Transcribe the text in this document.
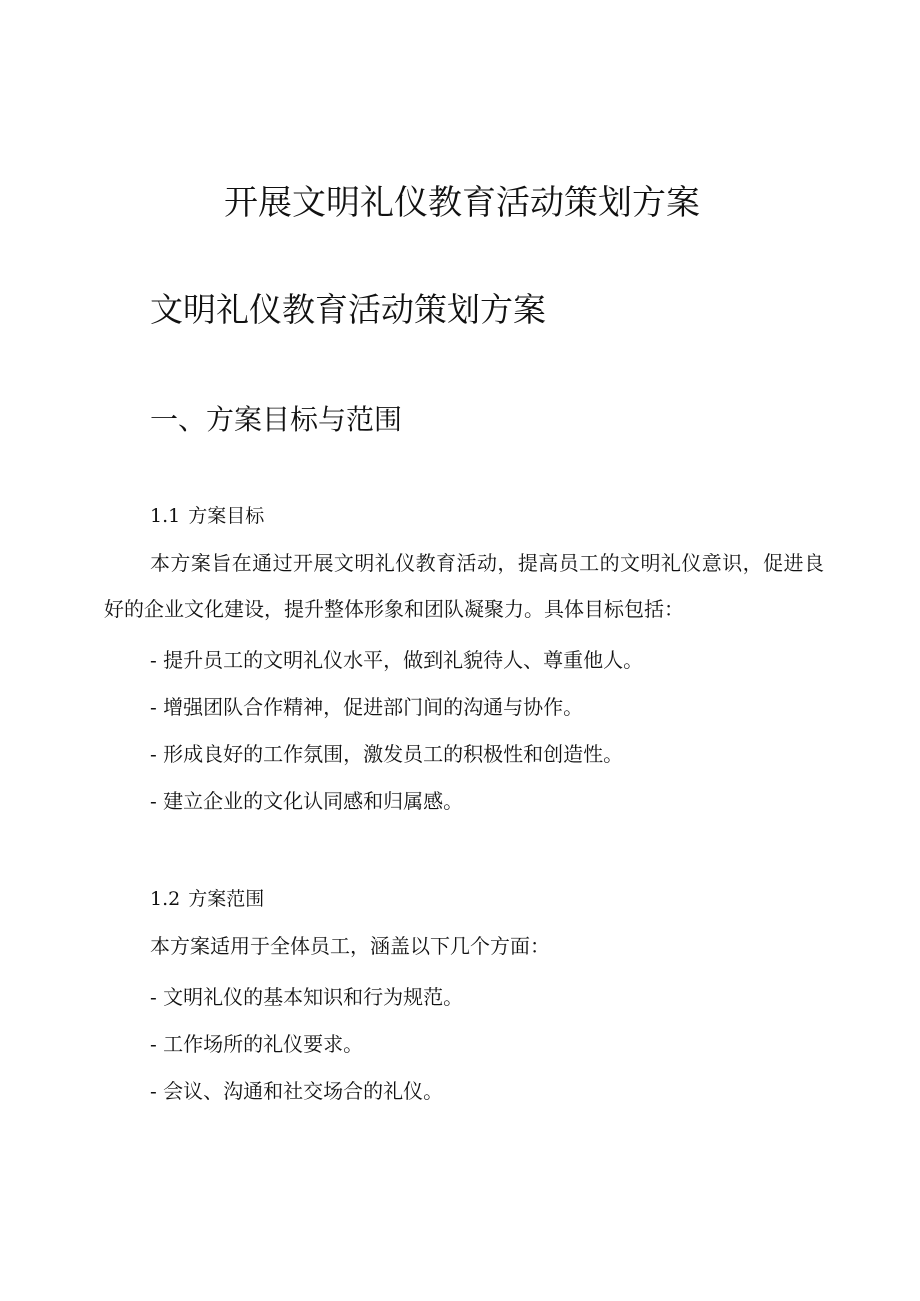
开展文明礼仪教育活动策划方案
文明礼仪教育活动策划方案
一、方案目标与范围
1.1 方案目标

本方案旨在通过开展文明礼仪教育活动，提高员工的文明礼仪意识，促进良好的企业文化建设，提升整体形象和团队凝聚力。具体目标包括：

- 提升员工的文明礼仪水平，做到礼貌待人、尊重他人。
- 增强团队合作精神，促进部门间的沟通与协作。
- 形成良好的工作氛围，激发员工的积极性和创造性。
- 建立企业的文化认同感和归属感。
1.2 方案范围

本方案适用于全体员工，涵盖以下几个方面：

- 文明礼仪的基本知识和行为规范。
- 工作场所的礼仪要求。
- 会议、沟通和社交场合的礼仪。
